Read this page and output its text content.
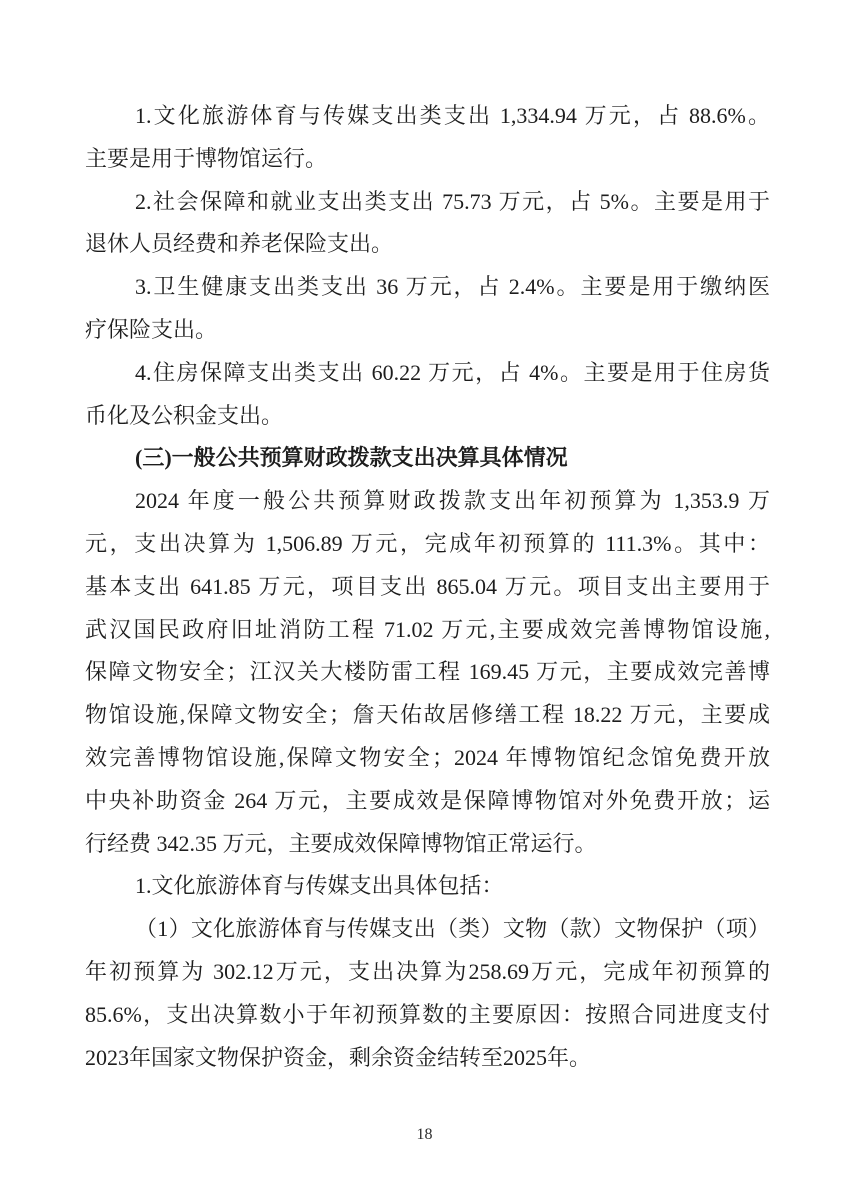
1.文化旅游体育与传媒支出类支出 1,334.94 万元，占 88.6%。
主要是用于博物馆运行。
2.社会保障和就业支出类支出 75.73 万元，占 5%。主要是用于
退休人员经费和养老保险支出。
3.卫生健康支出类支出 36 万元，占 2.4%。主要是用于缴纳医
疗保险支出。
4.住房保障支出类支出 60.22 万元，占 4%。主要是用于住房货
币化及公积金支出。
(三)一般公共预算财政拨款支出决算具体情况
2024 年度一般公共预算财政拨款支出年初预算为 1,353.9 万
元，支出决算为 1,506.89 万元，完成年初预算的 111.3%。其中：
基本支出 641.85 万元，项目支出 865.04 万元。项目支出主要用于
武汉国民政府旧址消防工程 71.02 万元,主要成效完善博物馆设施,
保障文物安全；江汉关大楼防雷工程 169.45 万元，主要成效完善博
物馆设施,保障文物安全；詹天佑故居修缮工程 18.22 万元，主要成
效完善博物馆设施,保障文物安全；2024 年博物馆纪念馆免费开放
中央补助资金 264 万元，主要成效是保障博物馆对外免费开放；运
行经费 342.35 万元，主要成效保障博物馆正常运行。
1.文化旅游体育与传媒支出具体包括：
（1）文化旅游体育与传媒支出（类）文物（款）文物保护（项）
年初预算为 302.12万元，支出决算为258.69万元，完成年初预算的
85.6%，支出决算数小于年初预算数的主要原因：按照合同进度支付
2023年国家文物保护资金，剩余资金结转至2025年。
18
